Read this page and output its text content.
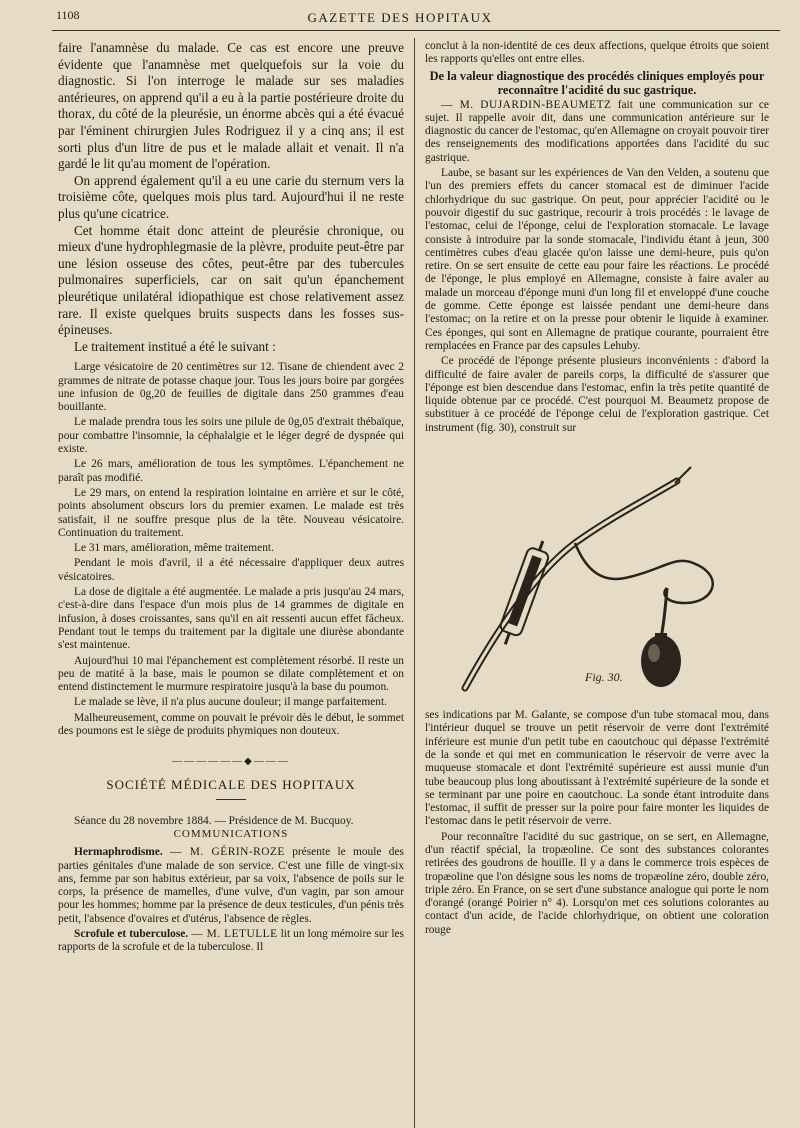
1108	GAZETTE DES HOPITAUX

faire l'anamnèse du malade. Ce cas est encore une preuve évidente que l'anamnèse met quelquefois sur la voie du diagnostic. Si l'on interroge le malade sur ses maladies antérieures, on apprend qu'il a eu à la partie postérieure droite du thorax, du côté de la pleurésie, un énorme abcès qui a été évacué par l'éminent chirurgien Jules Rodriguez il y a cinq ans; il est sorti plus d'un litre de pus et le malade allait et venait. Il n'a gardé le lit qu'au moment de l'opération.

On apprend également qu'il a eu une carie du sternum vers la troisième côte, quelques mois plus tard. Aujourd'hui il ne reste plus qu'une cicatrice.

Cet homme était donc atteint de pleurésie chronique, ou mieux d'une hydrophlegmasie de la plèvre, produite peut-être par une lésion osseuse des côtes, peut-être par des tubercules pulmonaires superficiels, car on sait qu'un épanchement pleurétique unilatéral idiopathique est chose relativement assez rare. Il existe quelques bruits suspects dans les fosses sus-épineuses.

Le traitement institué a été le suivant :

Large vésicatoire de 20 centimètres sur 12. Tisane de chiendent avec 2 grammes de nitrate de potasse chaque jour. Tous les jours boire par gorgées une infusion de 0g,20 de feuilles de digitale dans 250 grammes d'eau bouillante.

Le malade prendra tous les soirs une pilule de 0g,05 d'extrait thébaïque, pour combattre l'insomnie, la céphalalgie et le léger degré de dyspnée qui existe.

Le 26 mars, amélioration de tous les symptômes. L'épanchement ne paraît pas modifié.

Le 29 mars, on entend la respiration lointaine en arrière et sur le côté, points absolument obscurs lors du premier examen. Le malade est très satisfait, il ne souffre presque plus de la tête. Nouveau vésicatoire. Continuation du traitement.

Le 31 mars, amélioration, même traitement.

Pendant le mois d'avril, il a été nécessaire d'appliquer deux autres vésicatoires.

La dose de digitale a été augmentée. Le malade a pris jusqu'au 24 mars, c'est-à-dire dans l'espace d'un mois plus de 14 grammes de digitale en infusion, à doses croissantes, sans qu'il en ait ressenti aucun effet fâcheux. Pendant tout le temps du traitement par la digitale une diurèse abondante s'est maintenue.

Aujourd'hui 10 mai l'épanchement est complètement résorbé. Il reste un peu de matité à la base, mais le poumon se dilate complètement et on entend distinctement le murmure respiratoire jusqu'à la base du poumon.

Le malade se lève, il n'a plus aucune douleur; il mange parfaitement.

Malheureusement, comme on pouvait le prévoir dès le début, le sommet des poumons est le siège de produits phymiques non douteux.

——————◆———
SOCIÉTÉ MÉDICALE DES HOPITAUX

Séance du 28 novembre 1884. — Présidence de M. Bucquoy.

COMMUNICATIONS

Hermaphrodisme. — M. GÉRIN-ROZE présente le moule des parties génitales d'une malade de son service. C'est une fille de vingt-six ans, femme par son habitus extérieur, par sa voix, l'absence de poils sur le corps, la présence de mamelles, d'une vulve, d'un vagin, par son amour pour les hommes; homme par la présence de deux testicules, d'un pénis très petit, l'absence d'ovaires et d'utérus, l'absence de règles.

Scrofule et tuberculose. — M. LETULLE lit un long mémoire sur les rapports de la scrofule et de la tuberculose. Il

conclut à la non-identité de ces deux affections, quelque étroits que soient les rapports qu'elles ont entre elles.

De la valeur diagnostique des procédés cliniques employés pour reconnaître l'acidité du suc gastrique.

— M. DUJARDIN-BEAUMETZ fait une communication sur ce sujet. Il rappelle avoir dit, dans une communication antérieure sur le diagnostic du cancer de l'estomac, qu'en Allemagne on croyait pouvoir tirer des renseignements des modifications apportées dans l'acidité du suc gastrique.

Laube, se basant sur les expériences de Van den Velden, a soutenu que l'un des premiers effets du cancer stomacal est de diminuer l'acide chlorhydrique du suc gastrique. On peut, pour apprécier l'acidité ou le pouvoir digestif du suc gastrique, recourir à trois procédés : le lavage de l'estomac, celui de l'éponge, celui de l'exploration stomacale. Le lavage consiste à introduire par la sonde stomacale, l'individu étant à jeun, 300 centimètres cubes d'eau glacée qu'on laisse une demi-heure, puis qu'on retire. On se sert ensuite de cette eau pour faire les réactions. Le procédé de l'éponge, le plus employé en Allemagne, consiste à faire avaler au malade un morceau d'éponge muni d'un long fil et enveloppé d'une couche de gomme. Cette éponge est laissée pendant une demi-heure dans l'estomac; on la retire et on la presse pour obtenir le liquide à examiner. Ces éponges, qui sont en Allemagne de pratique courante, pourraient être remplacées en France par des capsules Lehuby.

Ce procédé de l'éponge présente plusieurs inconvénients : d'abord la difficulté de faire avaler de pareils corps, la difficulté de s'assurer que l'éponge est bien descendue dans l'estomac, enfin la très petite quantité de liquide obtenue par ce procédé. C'est pourquoi M. Beaumetz propose de substituer à ce procédé de l'éponge celui de l'exploration gastrique. Cet instrument (fig. 30), construit sur

Fig. 30.

ses indications par M. Galante, se compose d'un tube stomacal mou, dans l'intérieur duquel se trouve un petit réservoir de verre dont l'extrémité inférieure est munie d'un petit tube en caoutchouc qui dépasse l'extrémité de la sonde et qui met en communication le réservoir de verre avec la muqueuse stomacale et dont l'extrémité supérieure est aussi munie d'un tube beaucoup plus long aboutissant à l'extrémité supérieure de la sonde et se terminant par une poire en caoutchouc. La sonde étant introduite dans l'estomac, il suffit de presser sur la poire pour faire monter les liquides de l'estomac dans le petit réservoir de verre.

Pour reconnaître l'acidité du suc gastrique, on se sert, en Allemagne, d'un réactif spécial, la tropæoline. Ce sont des substances colorantes retirées des goudrons de houille. Il y a dans le commerce trois espèces de tropæoline que l'on désigne sous les noms de tropæoline zéro, double zéro, triple zéro. En France, on se sert d'une substance analogue qui porte le nom d'orangé (orangé Poirier n° 4). Lorsqu'on met ces solutions colorantes au contact d'un acide, de l'acide chlorhydrique, on obtient une coloration rouge
